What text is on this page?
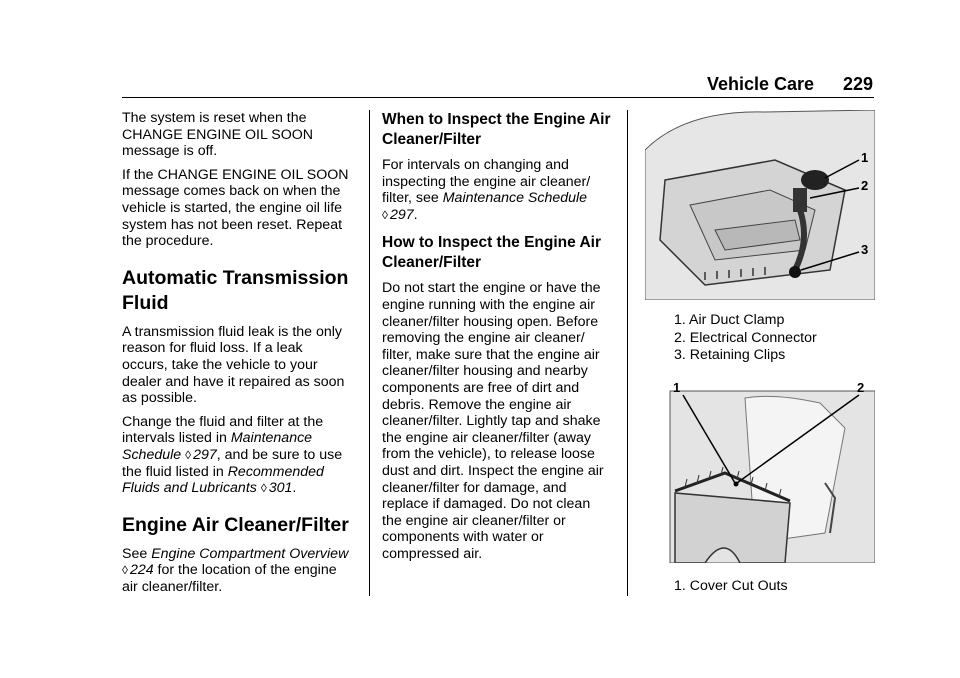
Vehicle Care 229

The system is reset when the
CHANGE ENGINE OIL SOON
message is off.

If the CHANGE ENGINE OIL SOON
message comes back on when the
vehicle is started, the engine oil life
system has not been reset. Repeat
the procedure.

Automatic Transmission
Fluid

A transmission fluid leak is the only
reason for fluid loss. If a leak
occurs, take the vehicle to your
dealer and have it repaired as soon
as possible.

Change the fluid and filter at the
intervals listed in Maintenance
Schedule ◊ 297, and be sure to use
the fluid listed in Recommended
Fluids and Lubricants ◊ 301.

Engine Air Cleaner/Filter

See Engine Compartment Overview
◊ 224 for the location of the engine
air cleaner/filter.

When to Inspect the Engine Air
Cleaner/Filter

For intervals on changing and
inspecting the engine air cleaner/
filter, see Maintenance Schedule
◊ 297.

How to Inspect the Engine Air
Cleaner/Filter

Do not start the engine or have the
engine running with the engine air
cleaner/filter housing open. Before
removing the engine air cleaner/
filter, make sure that the engine air
cleaner/filter housing and nearby
components are free of dirt and
debris. Remove the engine air
cleaner/filter. Lightly tap and shake
the engine air cleaner/filter (away
from the vehicle), to release loose
dust and dirt. Inspect the engine air
cleaner/filter for damage, and
replace if damaged. Do not clean
the engine air cleaner/filter or
components with water or
compressed air.

1
2
3
1. Air Duct Clamp
2. Electrical Connector
3. Retaining Clips
1	2
1. Cover Cut Outs
